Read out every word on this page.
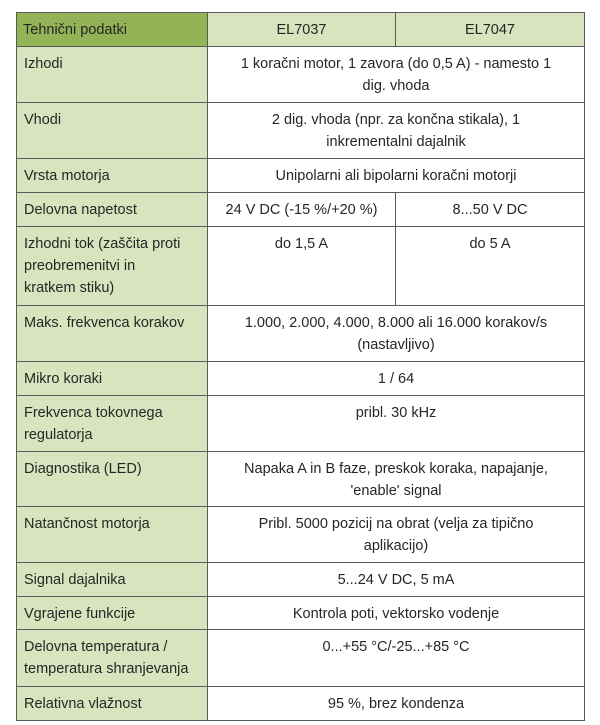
Tehnični podatki	EL7037	EL7047

Izhodi	1 koračni motor, 1 zavora (do 0,5 A) - namesto 1
dig. vhoda	

Vhodi	2 dig. vhoda (npr. za končna stikala), 1
inkrementalni dajalnik	

Vrsta motorja	Unipolarni ali bipolarni koračni motorji	

Delovna napetost	24 V DC (-15 %/+20 %)	8...50 V DC

Izhodni tok (zaščita proti
preobremenitvi in
kratkem stiku)	do 1,5 A	do 5 A

Maks. frekvenca korakov	1.000, 2.000, 4.000, 8.000 ali 16.000 korakov/s
(nastavljivo)	

Mikro koraki	1 / 64	

Frekvenca tokovnega
regulatorja	pribl. 30 kHz	

Diagnostika (LED)	Napaka A in B faze, preskok koraka, napajanje,
'enable' signal	

Natančnost motorja	Pribl. 5000 pozicij na obrat (velja za tipično
aplikacijo)	

Signal dajalnika	5...24 V DC, 5 mA	

Vgrajene funkcije	Kontrola poti, vektorsko vodenje	

Delovna temperatura /
temperatura shranjevanja	0...+55 °C/-25...+85 °C	

Relativna vlažnost	95 %, brez kondenza	
